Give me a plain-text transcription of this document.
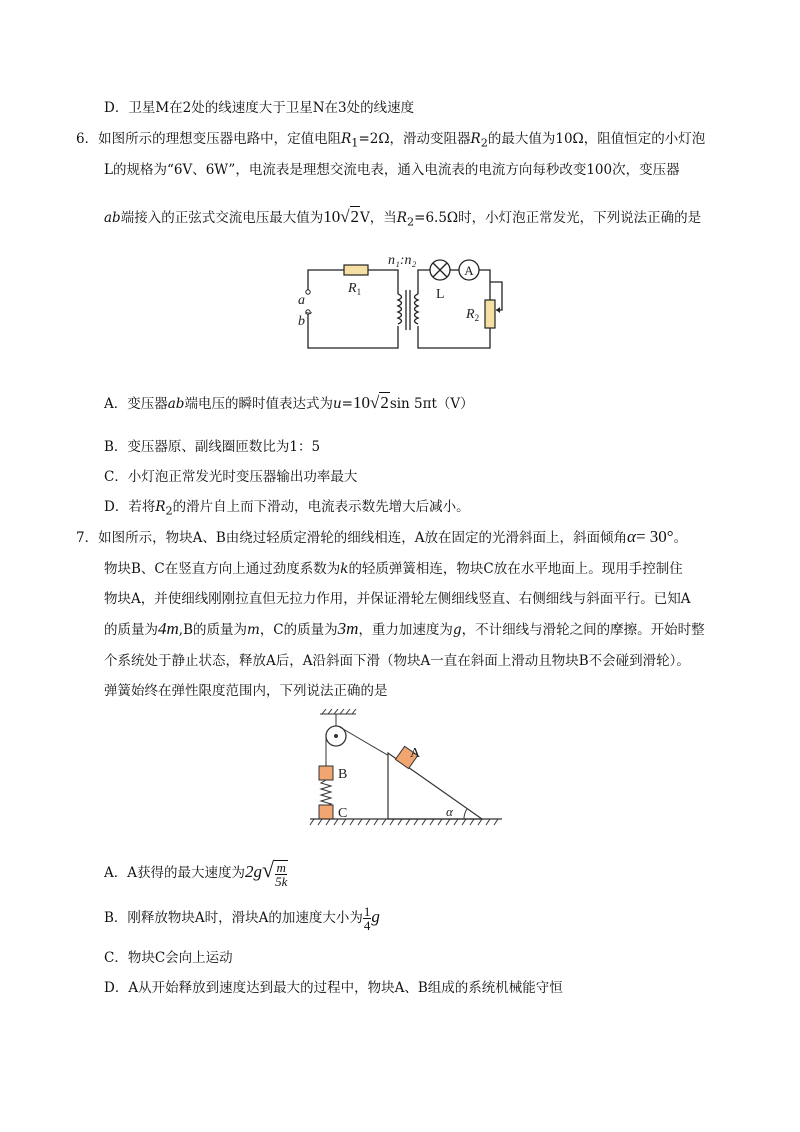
D．卫星M在2处的线速度大于卫星N在3处的线速度
6．如图所示的理想变压器电路中，定值电阻$R_1=2\Omega$，滑动变阻器$R_2$的最大值为10Ω，阻值恒定的小灯泡
L的规格为“6V、6W”，电流表是理想交流电表，通入电流表的电流方向每秒改变100次，变压器
ab端接入的正弦式交流电压最大值为10√2V，当$R_2=6.5\Omega$时，小灯泡正常发光，下列说法正确的是
A
a
b
~
$R_1$
n₁:n₂
L
$R_2$
A．变压器ab端电压的瞬时值表达式为u=10√2sin 5πt（V）
B．变压器原、副线圈匝数比为1：5
C．小灯泡正常发光时变压器输出功率最大
D．若将$R_2$的滑片自上而下滑动，电流表示数先增大后减小。
7．如图所示，物块A、B由绕过轻质定滑轮的细线相连，A放在固定的光滑斜面上，斜面倾角α= 30°。
物块B、C在竖直方向上通过劲度系数为k的轻质弹簧相连，物块C放在水平地面上。现用手控制住
物块A，并使细线刚刚拉直但无拉力作用，并保证滑轮左侧细线竖直、右侧细线与斜面平行。已知A
的质量为4m,B的质量为m，C的质量为3m，重力加速度为g，不计细线与滑轮之间的摩擦。开始时整
个系统处于静止状态，释放A后，A沿斜面下滑（物块A一直在斜面上滑动且物块B不会碰到滑轮）。
弹簧始终在弹性限度范围内，下列说法正确的是
A
B
C	α
A．A获得的最大速度为$2g√ \frac{m}{5k}$
B．刚释放物块A时，滑块A的加速度大小为 $\frac{1}{4}$ g
C．物块C会向上运动
D．A从开始释放到速度达到最大的过程中，物块A、B组成的系统机械能守恒
